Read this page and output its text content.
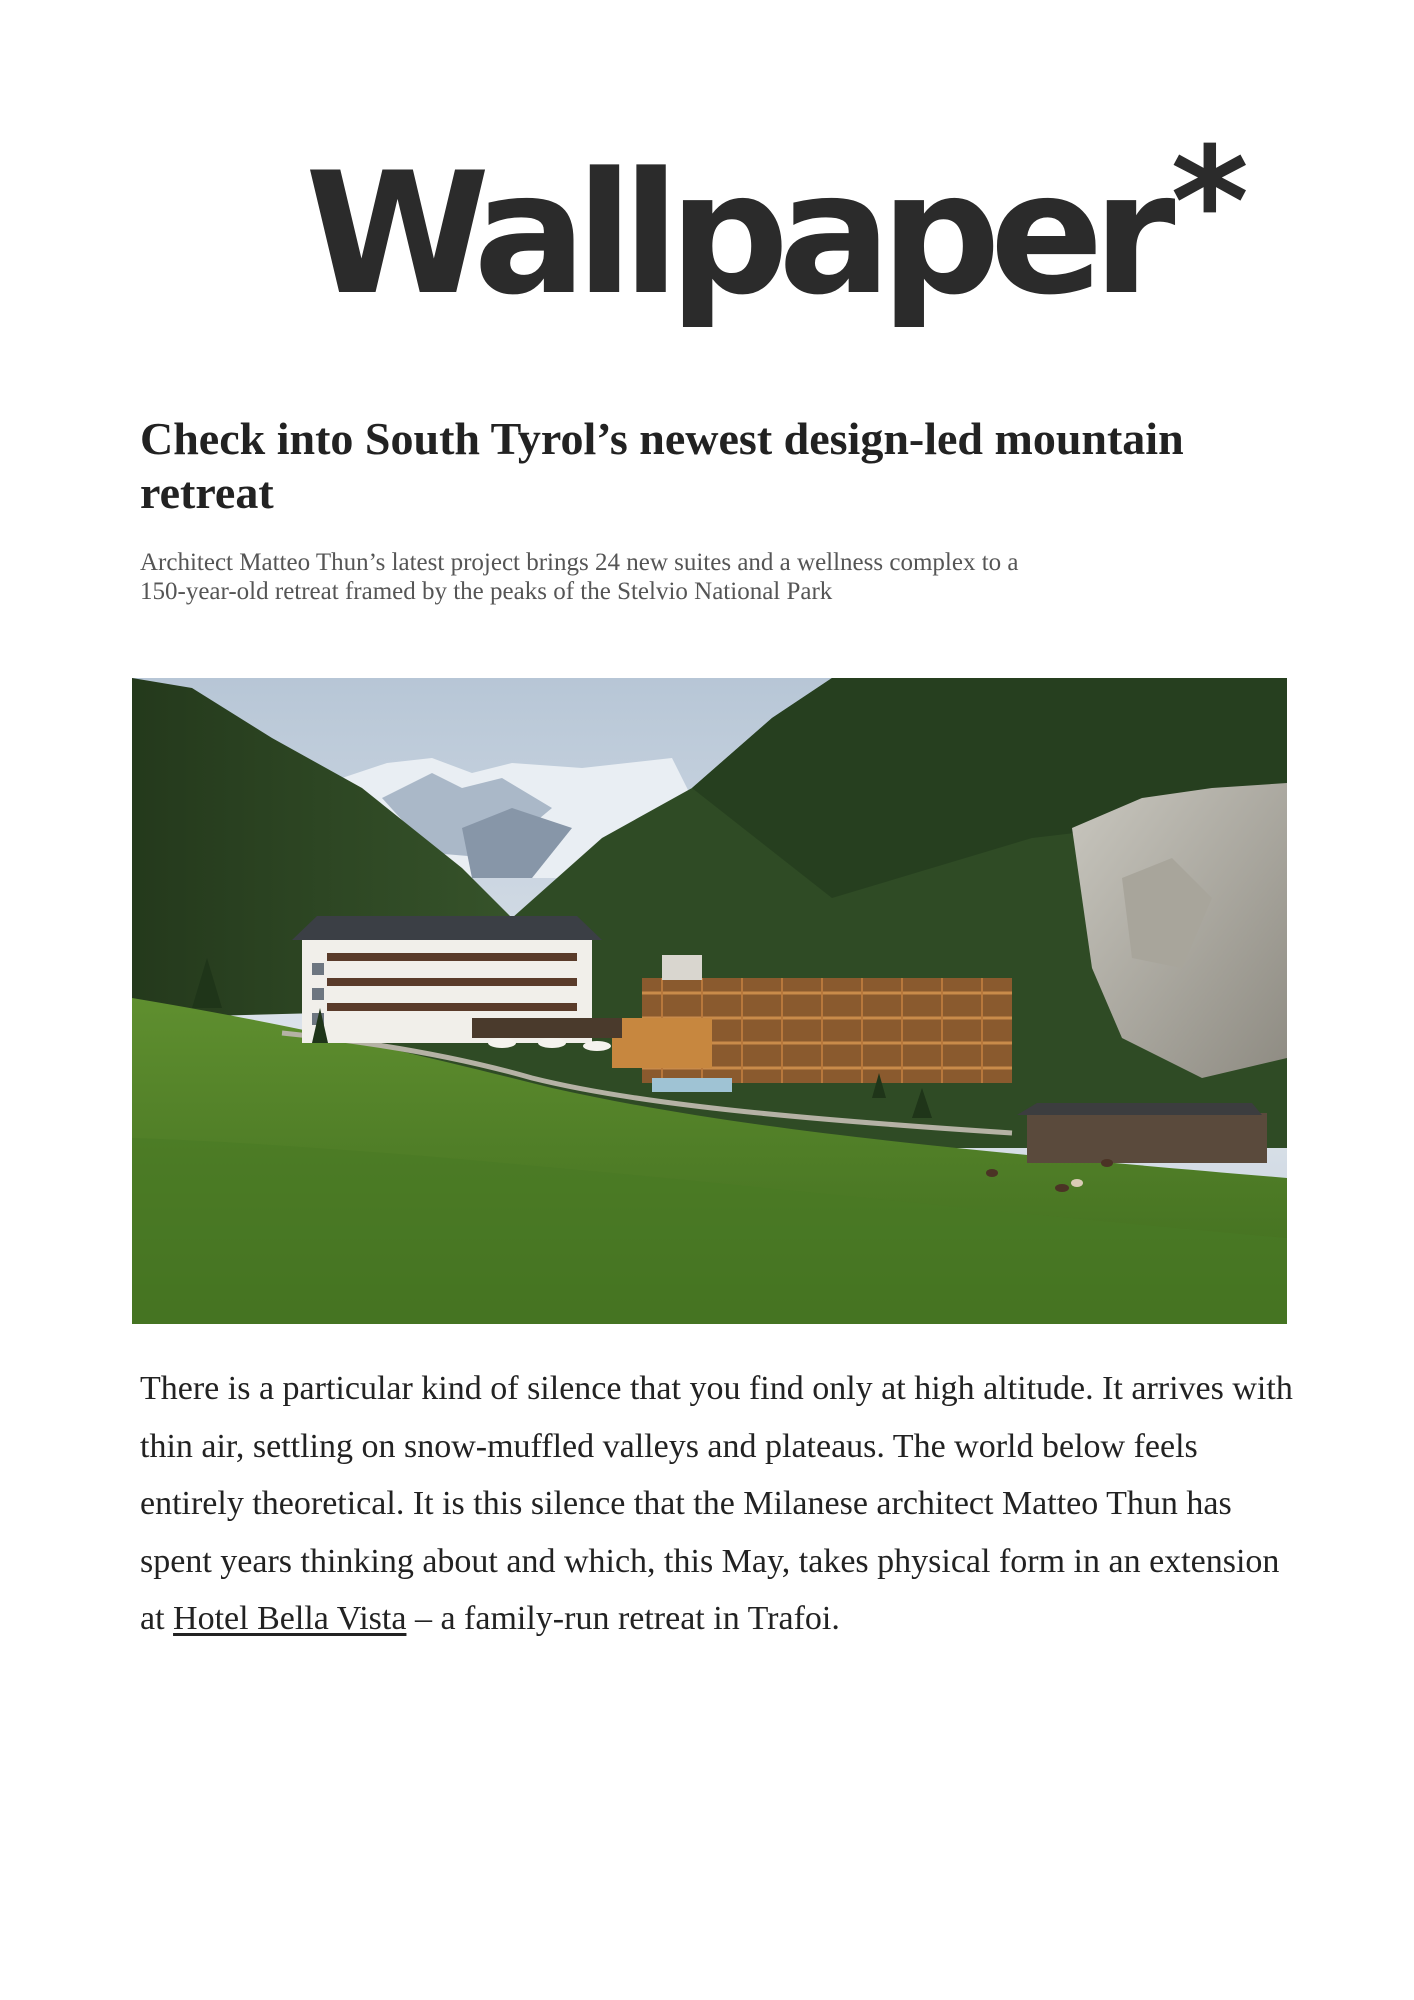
Wallpaper*
Check into South Tyrol’s newest design-led mountain retreat

Architect Matteo Thun’s latest project brings 24 new suites and a wellness complex to a 150-year-old retreat framed by the peaks of the Stelvio National Park

There is a particular kind of silence that you find only at high altitude. It arrives with thin air, settling on snow-muffled valleys and plateaus. The world below feels entirely theoretical. It is this silence that the Milanese architect Matteo Thun has spent years thinking about and which, this May, takes physical form in an extension at Hotel Bella Vista – a family-run retreat in Trafoi.
